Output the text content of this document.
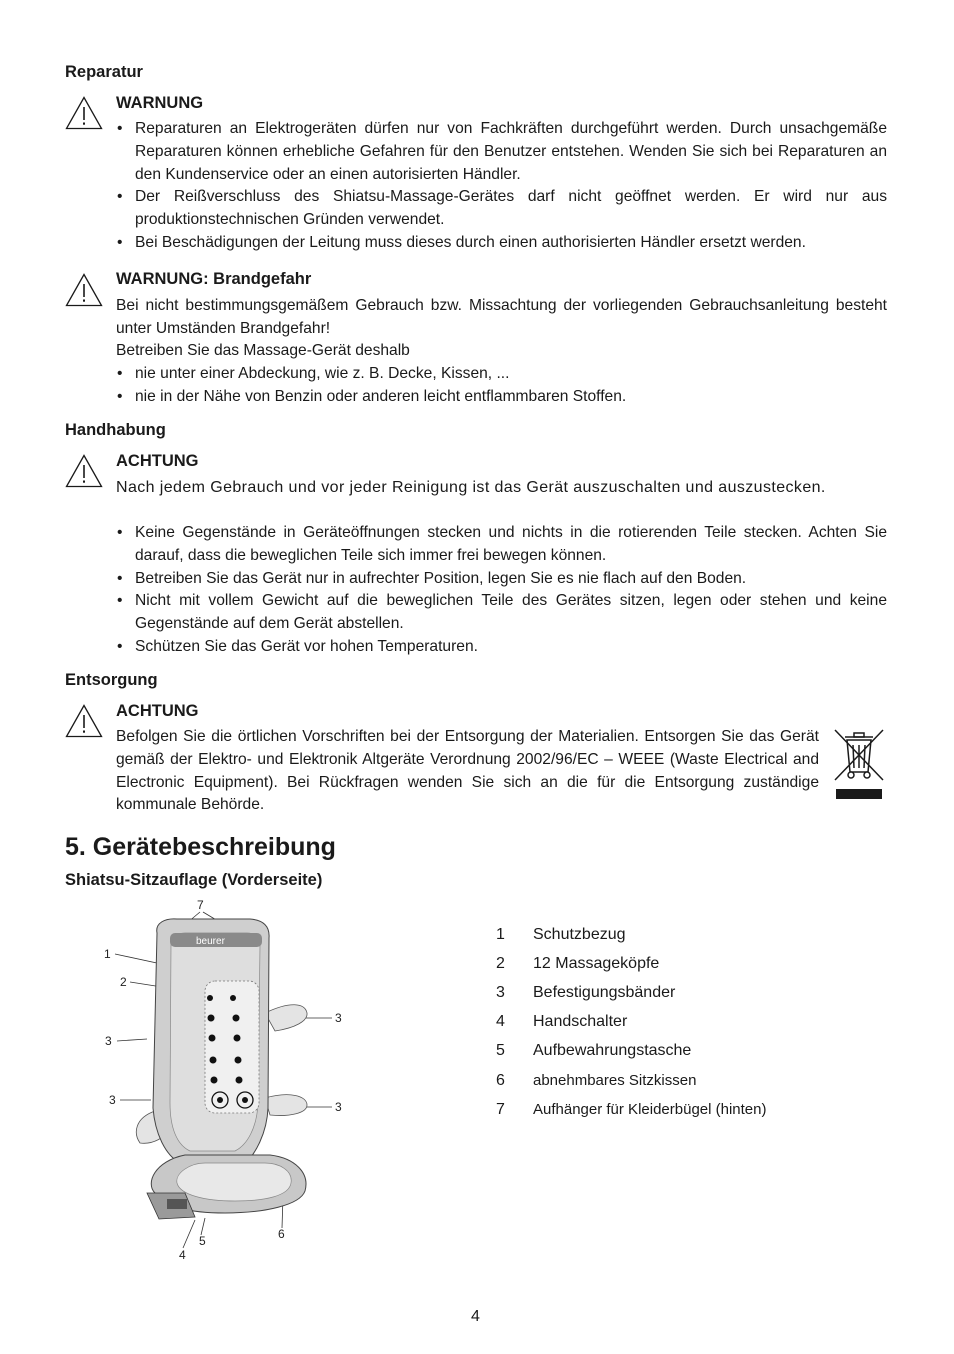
Reparatur
WARNUNG
• Reparaturen an Elektrogeräten dürfen nur von Fachkräften durchgeführt werden. Durch unsachgemäße Reparaturen können erhebliche Gefahren für den Benutzer entstehen. Wenden Sie sich bei Reparaturen an den Kundenservice oder an einen autorisierten Händler.
• Der Reißverschluss des Shiatsu-Massage-Gerätes darf nicht geöffnet werden. Er wird nur aus produktionstechnischen Gründen verwendet.
• Bei Beschädigungen der Leitung muss dieses durch einen authorisierten Händler ersetzt werden.
WARNUNG: Brandgefahr
Bei nicht bestimmungsgemäßem Gebrauch bzw. Missachtung der vorliegenden Gebrauchsanleitung besteht unter Umständen Brandgefahr!
Betreiben Sie das Massage-Gerät deshalb
• nie unter einer Abdeckung, wie z. B. Decke, Kissen, ...
• nie in der Nähe von Benzin oder anderen leicht entflammbaren Stoffen.
Handhabung
ACHTUNG
Nach jedem Gebrauch und vor jeder Reinigung ist das Gerät auszuschalten und auszustecken.
• Keine Gegenstände in Geräteöffnungen stecken und nichts in die rotierenden Teile stecken. Achten Sie darauf, dass die beweglichen Teile sich immer frei bewegen können.
• Betreiben Sie das Gerät nur in aufrechter Position, legen Sie es nie flach auf den Boden.
• Nicht mit vollem Gewicht auf die beweglichen Teile des Gerätes sitzen, legen oder stehen und keine Gegenstände auf dem Gerät abstellen.
• Schützen Sie das Gerät vor hohen Temperaturen.
Entsorgung
ACHTUNG
Befolgen Sie die örtlichen Vorschriften bei der Entsorgung der Materialien. Entsorgen Sie das Gerät gemäß der Elektro- und Elektronik Altgeräte Verordnung 2002/96/EC – WEEE (Waste Electrical and Electronic Equipment). Bei Rückfragen wenden Sie sich an die für die Entsorgung zuständige kommunale Behörde.
5. Gerätebeschreibung
Shiatsu-Sitzauflage (Vorderseite)
7
1
2
3
3
3
3
4
5	6
beurer	1	Schutzbezug
2	12 Massageköpfe
3	Befestigungsbänder
4	Handschalter
5	Aufbewahrungstasche
6	abnehmbares Sitzkissen
7	Aufhänger für Kleiderbügel (hinten)
4
